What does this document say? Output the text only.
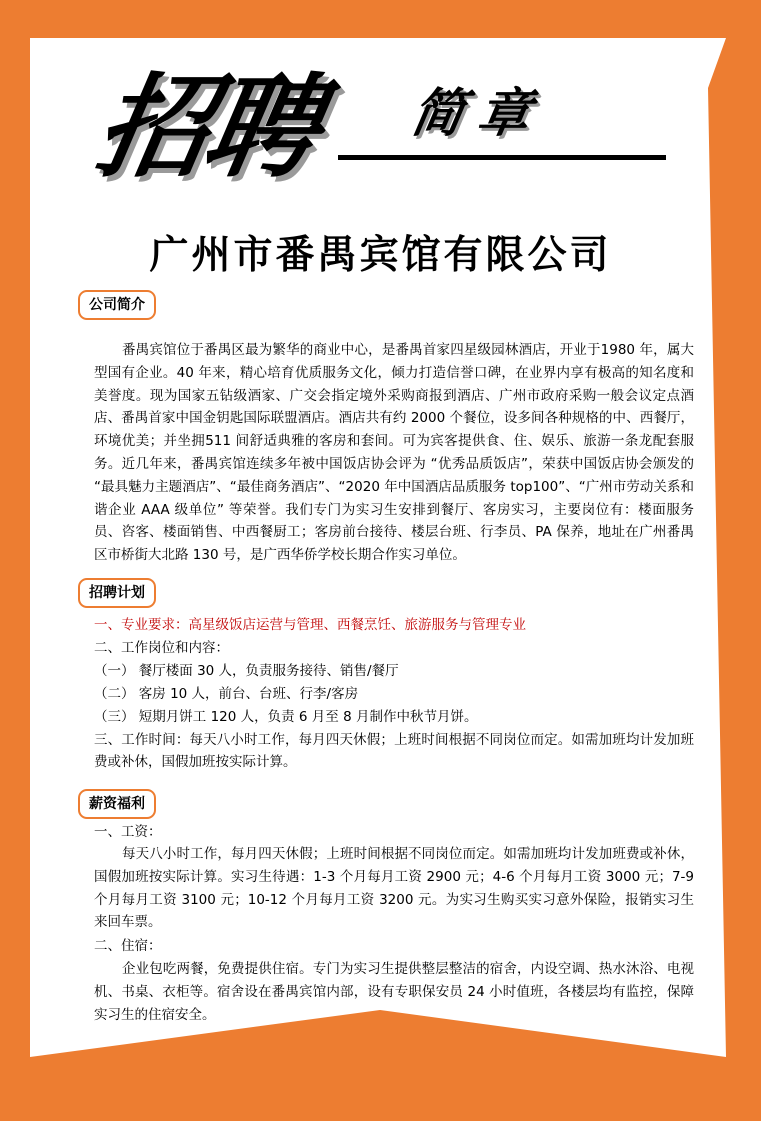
招聘 简章
广州市番禺宾馆有限公司
公司简介
番禺宾馆位于番禺区最为繁华的商业中心，是番禺首家四星级园林酒店，开业于1980 年，属大型国有企业。40 年来，精心培育优质服务文化，倾力打造信誉口碑，在业界内享有极高的知名度和美誉度。现为国家五钻级酒家、广交会指定境外采购商报到酒店、广州市政府采购一般会议定点酒店、番禺首家中国金钥匙国际联盟酒店。酒店共有约 2000 个餐位，设多间各种规格的中、西餐厅，环境优美；并坐拥511 间舒适典雅的客房和套间。可为宾客提供食、住、娱乐、旅游一条龙配套服务。近几年来，番禺宾馆连续多年被中国饭店协会评为 “优秀品质饭店”，荣获中国饭店协会颁发的 “最具魅力主题酒店”、“最佳商务酒店”、“2020 年中国酒店品质服务 top100”、“广州市劳动关系和谐企业 AAA 级单位” 等荣誉。我们专门为实习生安排到餐厅、客房实习，主要岗位有：楼面服务员、咨客、楼面销售、中西餐厨工；客房前台接待、楼层台班、行李员、PA 保养，地址在广州番禺区市桥街大北路 130 号，是广西华侨学校长期合作实习单位。
招聘计划
一、专业要求：高星级饭店运营与管理、西餐烹饪、旅游服务与管理专业
二、工作岗位和内容：
（一） 餐厅楼面 30 人，负责服务接待、销售/餐厅
（二） 客房 10 人，前台、台班、行李/客房
（三） 短期月饼工 120 人，负责 6 月至 8 月制作中秋节月饼。
三、工作时间：每天八小时工作，每月四天休假；上班时间根据不同岗位而定。如需加班均计发加班费或补休，国假加班按实际计算。
薪资福利
一、工资：
每天八小时工作，每月四天休假；上班时间根据不同岗位而定。如需加班均计发加班费或补休，国假加班按实际计算。实习生待遇：1-3 个月每月工资 2900 元；4-6 个月每月工资 3000 元；7-9 个月每月工资 3100 元；10-12 个月每月工资 3200 元。为实习生购买实习意外保险，报销实习生来回车票。
二、住宿：
企业包吃两餐，免费提供住宿。专门为实习生提供整层整洁的宿舍，内设空调、热水沐浴、电视机、书桌、衣柜等。宿舍设在番禺宾馆内部，设有专职保安员 24 小时值班，各楼层均有监控，保障实习生的住宿安全。
